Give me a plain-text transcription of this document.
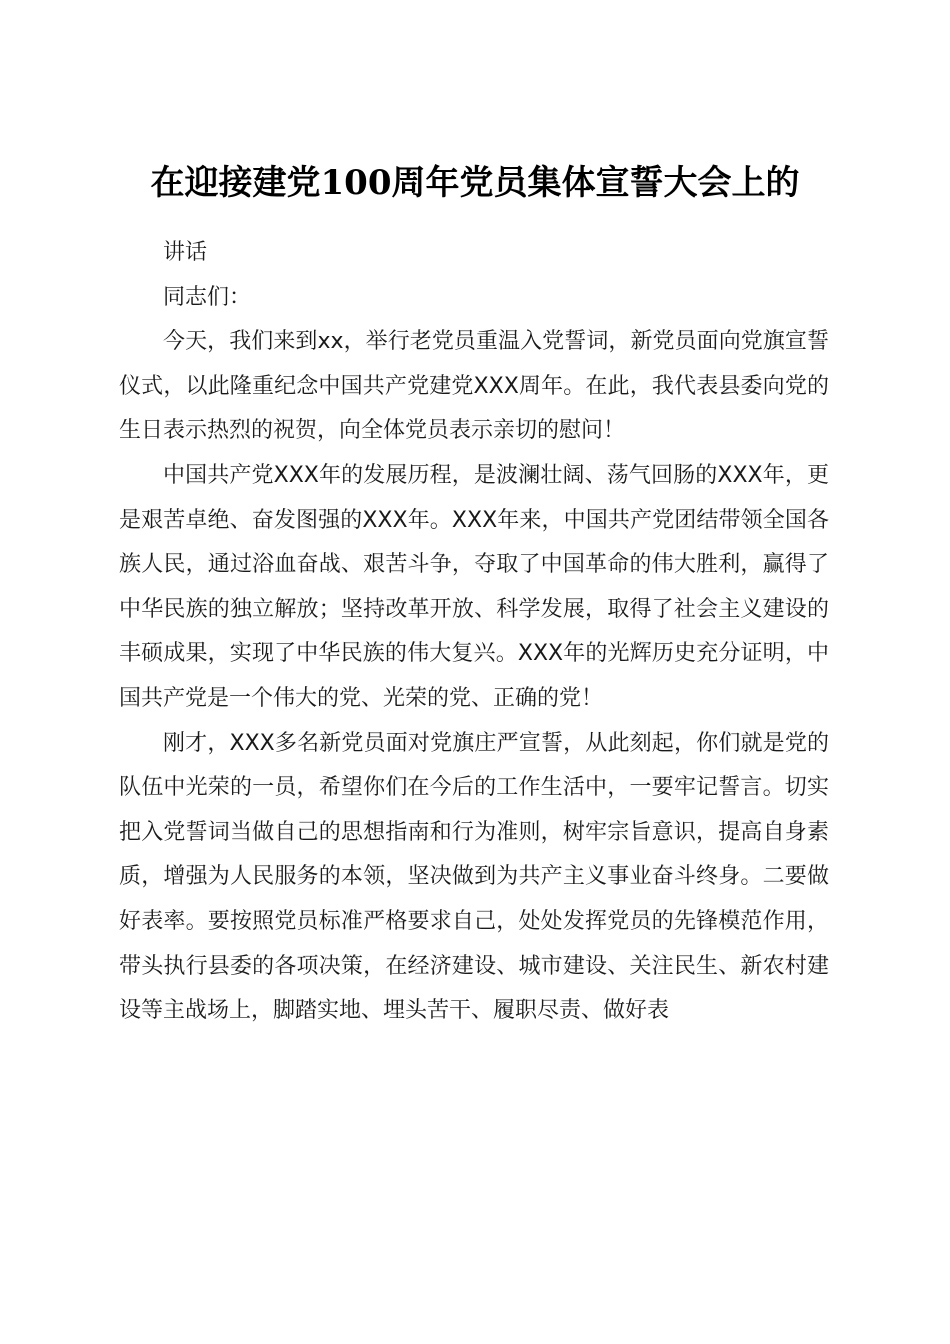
在迎接建党100周年党员集体宣誓大会上的

讲话

同志们：

今天，我们来到xx，举行老党员重温入党誓词，新党员面向党旗宣誓仪式，以此隆重纪念中国共产党建党XXX周年。在此，我代表县委向党的生日表示热烈的祝贺，向全体党员表示亲切的慰问！

中国共产党XXX年的发展历程，是波澜壮阔、荡气回肠的XXX年，更是艰苦卓绝、奋发图强的XXX年。XXX年来，中国共产党团结带领全国各族人民，通过浴血奋战、艰苦斗争，夺取了中国革命的伟大胜利，赢得了中华民族的独立解放；坚持改革开放、科学发展，取得了社会主义建设的丰硕成果，实现了中华民族的伟大复兴。XXX年的光辉历史充分证明，中国共产党是一个伟大的党、光荣的党、正确的党！

刚才，XXX多名新党员面对党旗庄严宣誓，从此刻起，你们就是党的队伍中光荣的一员，希望你们在今后的工作生活中，一要牢记誓言。切实把入党誓词当做自己的思想指南和行为准则，树牢宗旨意识，提高自身素质，增强为人民服务的本领，坚决做到为共产主义事业奋斗终身。二要做好表率。要按照党员标准严格要求自己，处处发挥党员的先锋模范作用，带头执行县委的各项决策，在经济建设、城市建设、关注民生、新农村建设等主战场上，脚踏实地、埋头苦干、履职尽责、做好表
